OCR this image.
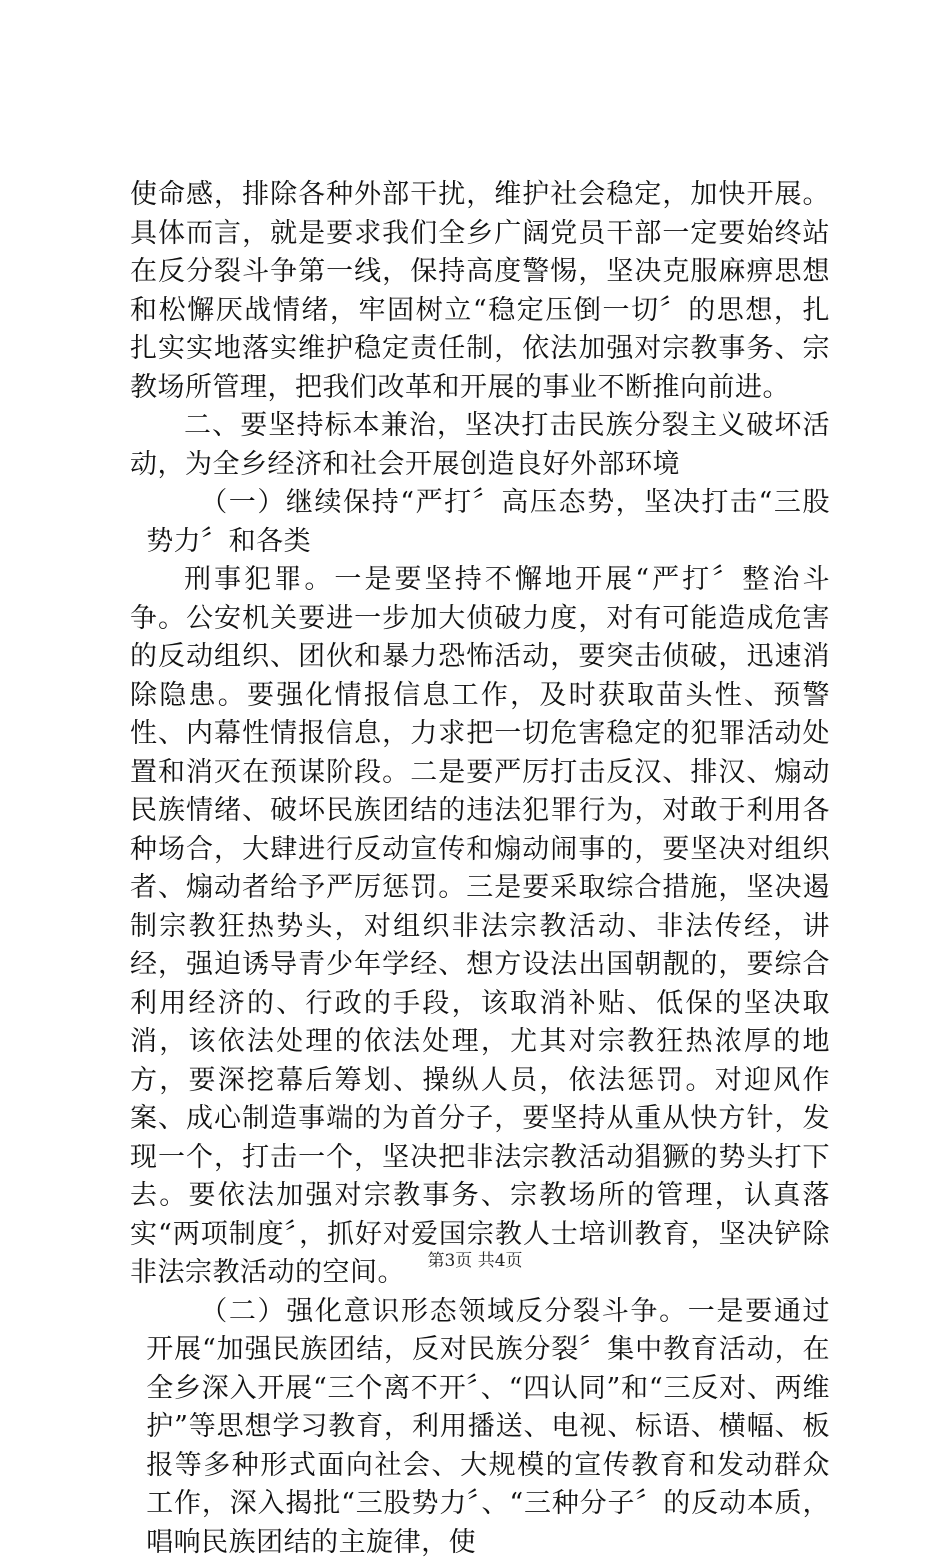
使命感，排除各种外部干扰，维护社会稳定，加快开展。具体而言，就是要求我们全乡广阔党员干部一定要始终站在反分裂斗争第一线，保持高度警惕，坚决克服麻痹思想和松懈厌战情绪，牢固树立“稳定压倒一切〞的思想，扎扎实实地落实维护稳定责任制，依法加强对宗教事务、宗教场所管理，把我们改革和开展的事业不断推向前进。

二、要坚持标本兼治，坚决打击民族分裂主义破坏活动，为全乡经济和社会开展创造良好外部环境

（一）继续保持“严打〞高压态势，坚决打击“三股势力〞和各类

刑事犯罪。一是要坚持不懈地开展“严打〞整治斗争。公安机关要进一步加大侦破力度，对有可能造成危害的反动组织、团伙和暴力恐怖活动，要突击侦破，迅速消除隐患。要强化情报信息工作，及时获取苗头性、预警性、内幕性情报信息，力求把一切危害稳定的犯罪活动处置和消灭在预谋阶段。二是要严厉打击反汉、排汉、煽动民族情绪、破坏民族团结的违法犯罪行为，对敢于利用各种场合，大肆进行反动宣传和煽动闹事的，要坚决对组织者、煽动者给予严厉惩罚。三是要采取综合措施，坚决遏制宗教狂热势头，对组织非法宗教活动、非法传经，讲经，强迫诱导青少年学经、想方设法出国朝靓的，要综合利用经济的、行政的手段，该取消补贴、低保的坚决取消，该依法处理的依法处理，尤其对宗教狂热浓厚的地方，要深挖幕后筹划、操纵人员，依法惩罚。对迎风作案、成心制造事端的为首分子，要坚持从重从快方针，发现一个，打击一个，坚决把非法宗教活动猖獗的势头打下去。要依法加强对宗教事务、宗教场所的管理，认真落实“两项制度〞，抓好对爱国宗教人士培训教育，坚决铲除非法宗教活动的空间。

（二）强化意识形态领域反分裂斗争。一是要通过开展“加强民族团结，反对民族分裂〞集中教育活动，在全乡深入开展“三个离不开〞、“四认同”和“三反对、两维护”等思想学习教育，利用播送、电视、标语、横幅、板报等多种形式面向社会、大规模的宣传教育和发动群众工作，深入揭批“三股势力〞、“三种分子〞的反动本质，唱响民族团结的主旋律，使

第3页 共4页
